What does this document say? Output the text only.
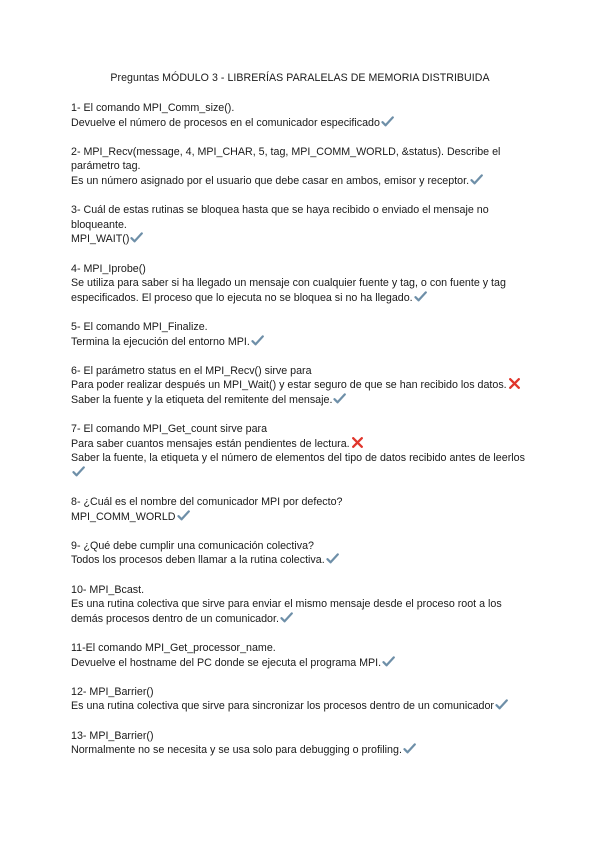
Preguntas MÓDULO 3 - LIBRERÍAS PARALELAS DE MEMORIA DISTRIBUIDA
1- El comando MPI_Comm_size().
Devuelve el número de procesos en el comunicador especificado
2- MPI_Recv(message, 4, MPI_CHAR, 5, tag, MPI_COMM_WORLD, &status). Describe el parámetro tag.
Es un número asignado por el usuario que debe casar en ambos, emisor y receptor.
3- Cuál de estas rutinas se bloquea hasta que se haya recibido o enviado el mensaje no bloqueante.
MPI_WAIT()
4- MPI_Iprobe()
Se utiliza para saber si ha llegado un mensaje con cualquier fuente y tag, o con fuente y tag especificados. El proceso que lo ejecuta no se bloquea si no ha llegado.
5- El comando MPI_Finalize.
Termina la ejecución del entorno MPI.
6- El parámetro status en el MPI_Recv() sirve para
Para poder realizar después un MPI_Wait() y estar seguro de que se han recibido los datos.
Saber la fuente y la etiqueta del remitente del mensaje.
7- El comando MPI_Get_count sirve para
Para saber cuantos mensajes están pendientes de lectura.
Saber la fuente, la etiqueta y el número de elementos del tipo de datos recibido antes de leerlos
8- ¿Cuál es el nombre del comunicador MPI por defecto?
MPI_COMM_WORLD
9- ¿Qué debe cumplir una comunicación colectiva?
Todos los procesos deben llamar a la rutina colectiva.
10- MPI_Bcast.
Es una rutina colectiva que sirve para enviar el mismo mensaje desde el proceso root a los demás procesos dentro de un comunicador.
11-El comando MPI_Get_processor_name.
Devuelve el hostname del PC donde se ejecuta el programa MPI.
12- MPI_Barrier()
Es una rutina colectiva que sirve para sincronizar los procesos dentro de un comunicador
13- MPI_Barrier()
Normalmente no se necesita y se usa solo para debugging o profiling.
